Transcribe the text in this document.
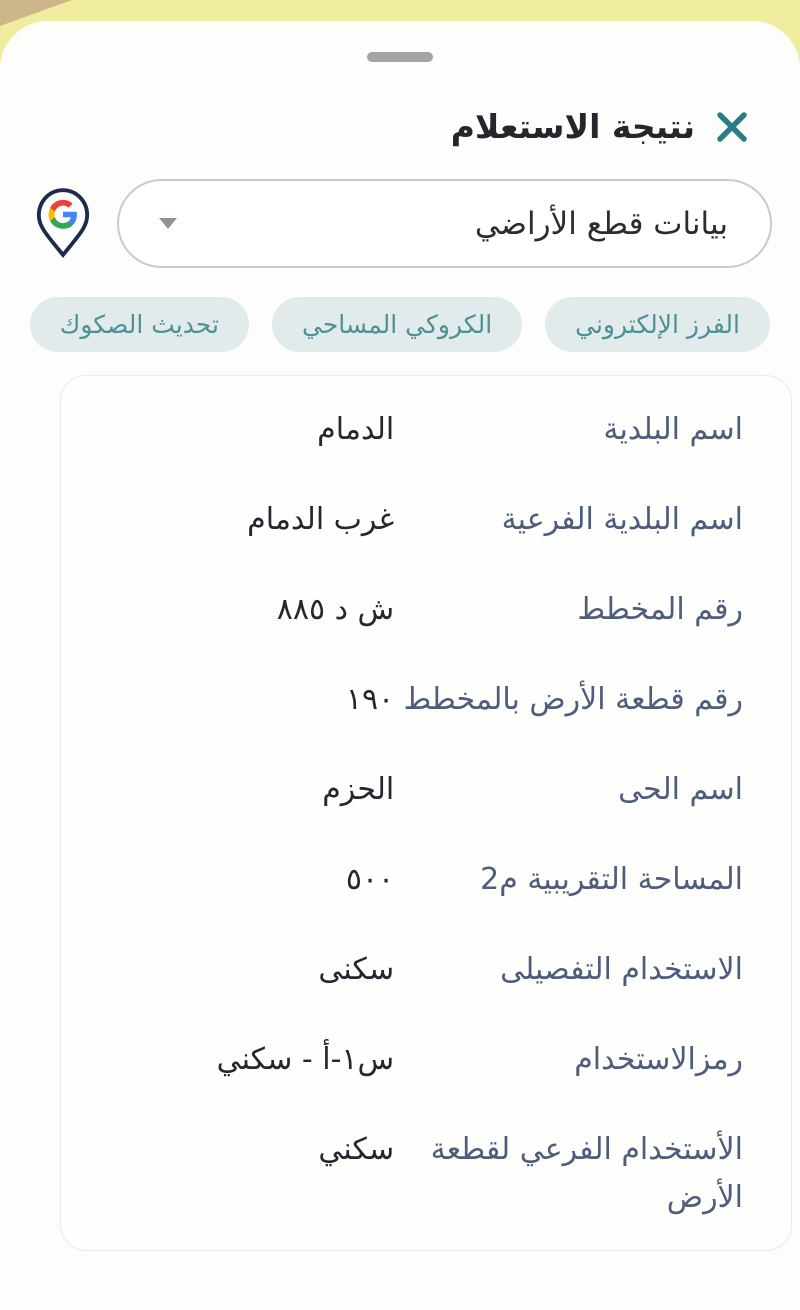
نتيجة الاستعلام
بيانات قطع الأراضي
الفرز الإلكتروني
الكروكي المساحي
تحديث الصكوك
اسم البلدية
الدمام
اسم البلدية الفرعية
غرب الدمام
رقم المخطط
ش د ٨٨٥
رقم قطعة الأرض بالمخطط
١٩٠
اسم الحى
الحزم
المساحة التقريبية م2
٥٠٠
الاستخدام التفصيلى
سكنى
رمزالاستخدام
س١-أ - سكني
الأستخدام الفرعي لقطعة الأرض
سكني
